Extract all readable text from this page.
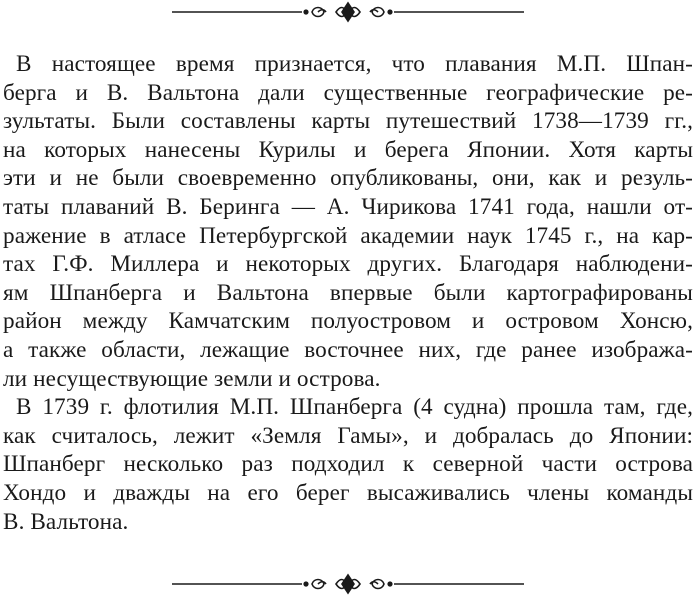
В настоящее время признается, что плавания М.П. Шпан-
берга и В. Вальтона дали существенные географические ре-
зультаты. Были составлены карты путешествий 1738—1739 гг.,
на которых нанесены Курилы и берега Японии. Хотя карты
эти и не были своевременно опубликованы, они, как и резуль-
таты плаваний В. Беринга — А. Чирикова 1741 года, нашли от-
ражение в атласе Петербургской академии наук 1745 г., на кар-
тах Г.Ф. Миллера и некоторых других. Благодаря наблюдени-
ям Шпанберга и Вальтона впервые были картографированы
район между Камчатским полуостровом и островом Хонсю,
а также области, лежащие восточнее них, где ранее изобража-
ли несуществующие земли и острова.

В 1739 г. флотилия М.П. Шпанберга (4 судна) прошла там, где,
как считалось, лежит «Земля Гамы», и добралась до Японии:
Шпанберг несколько раз подходил к северной части острова
Хондо и дважды на его берег высаживались члены команды
В. Вальтона.
